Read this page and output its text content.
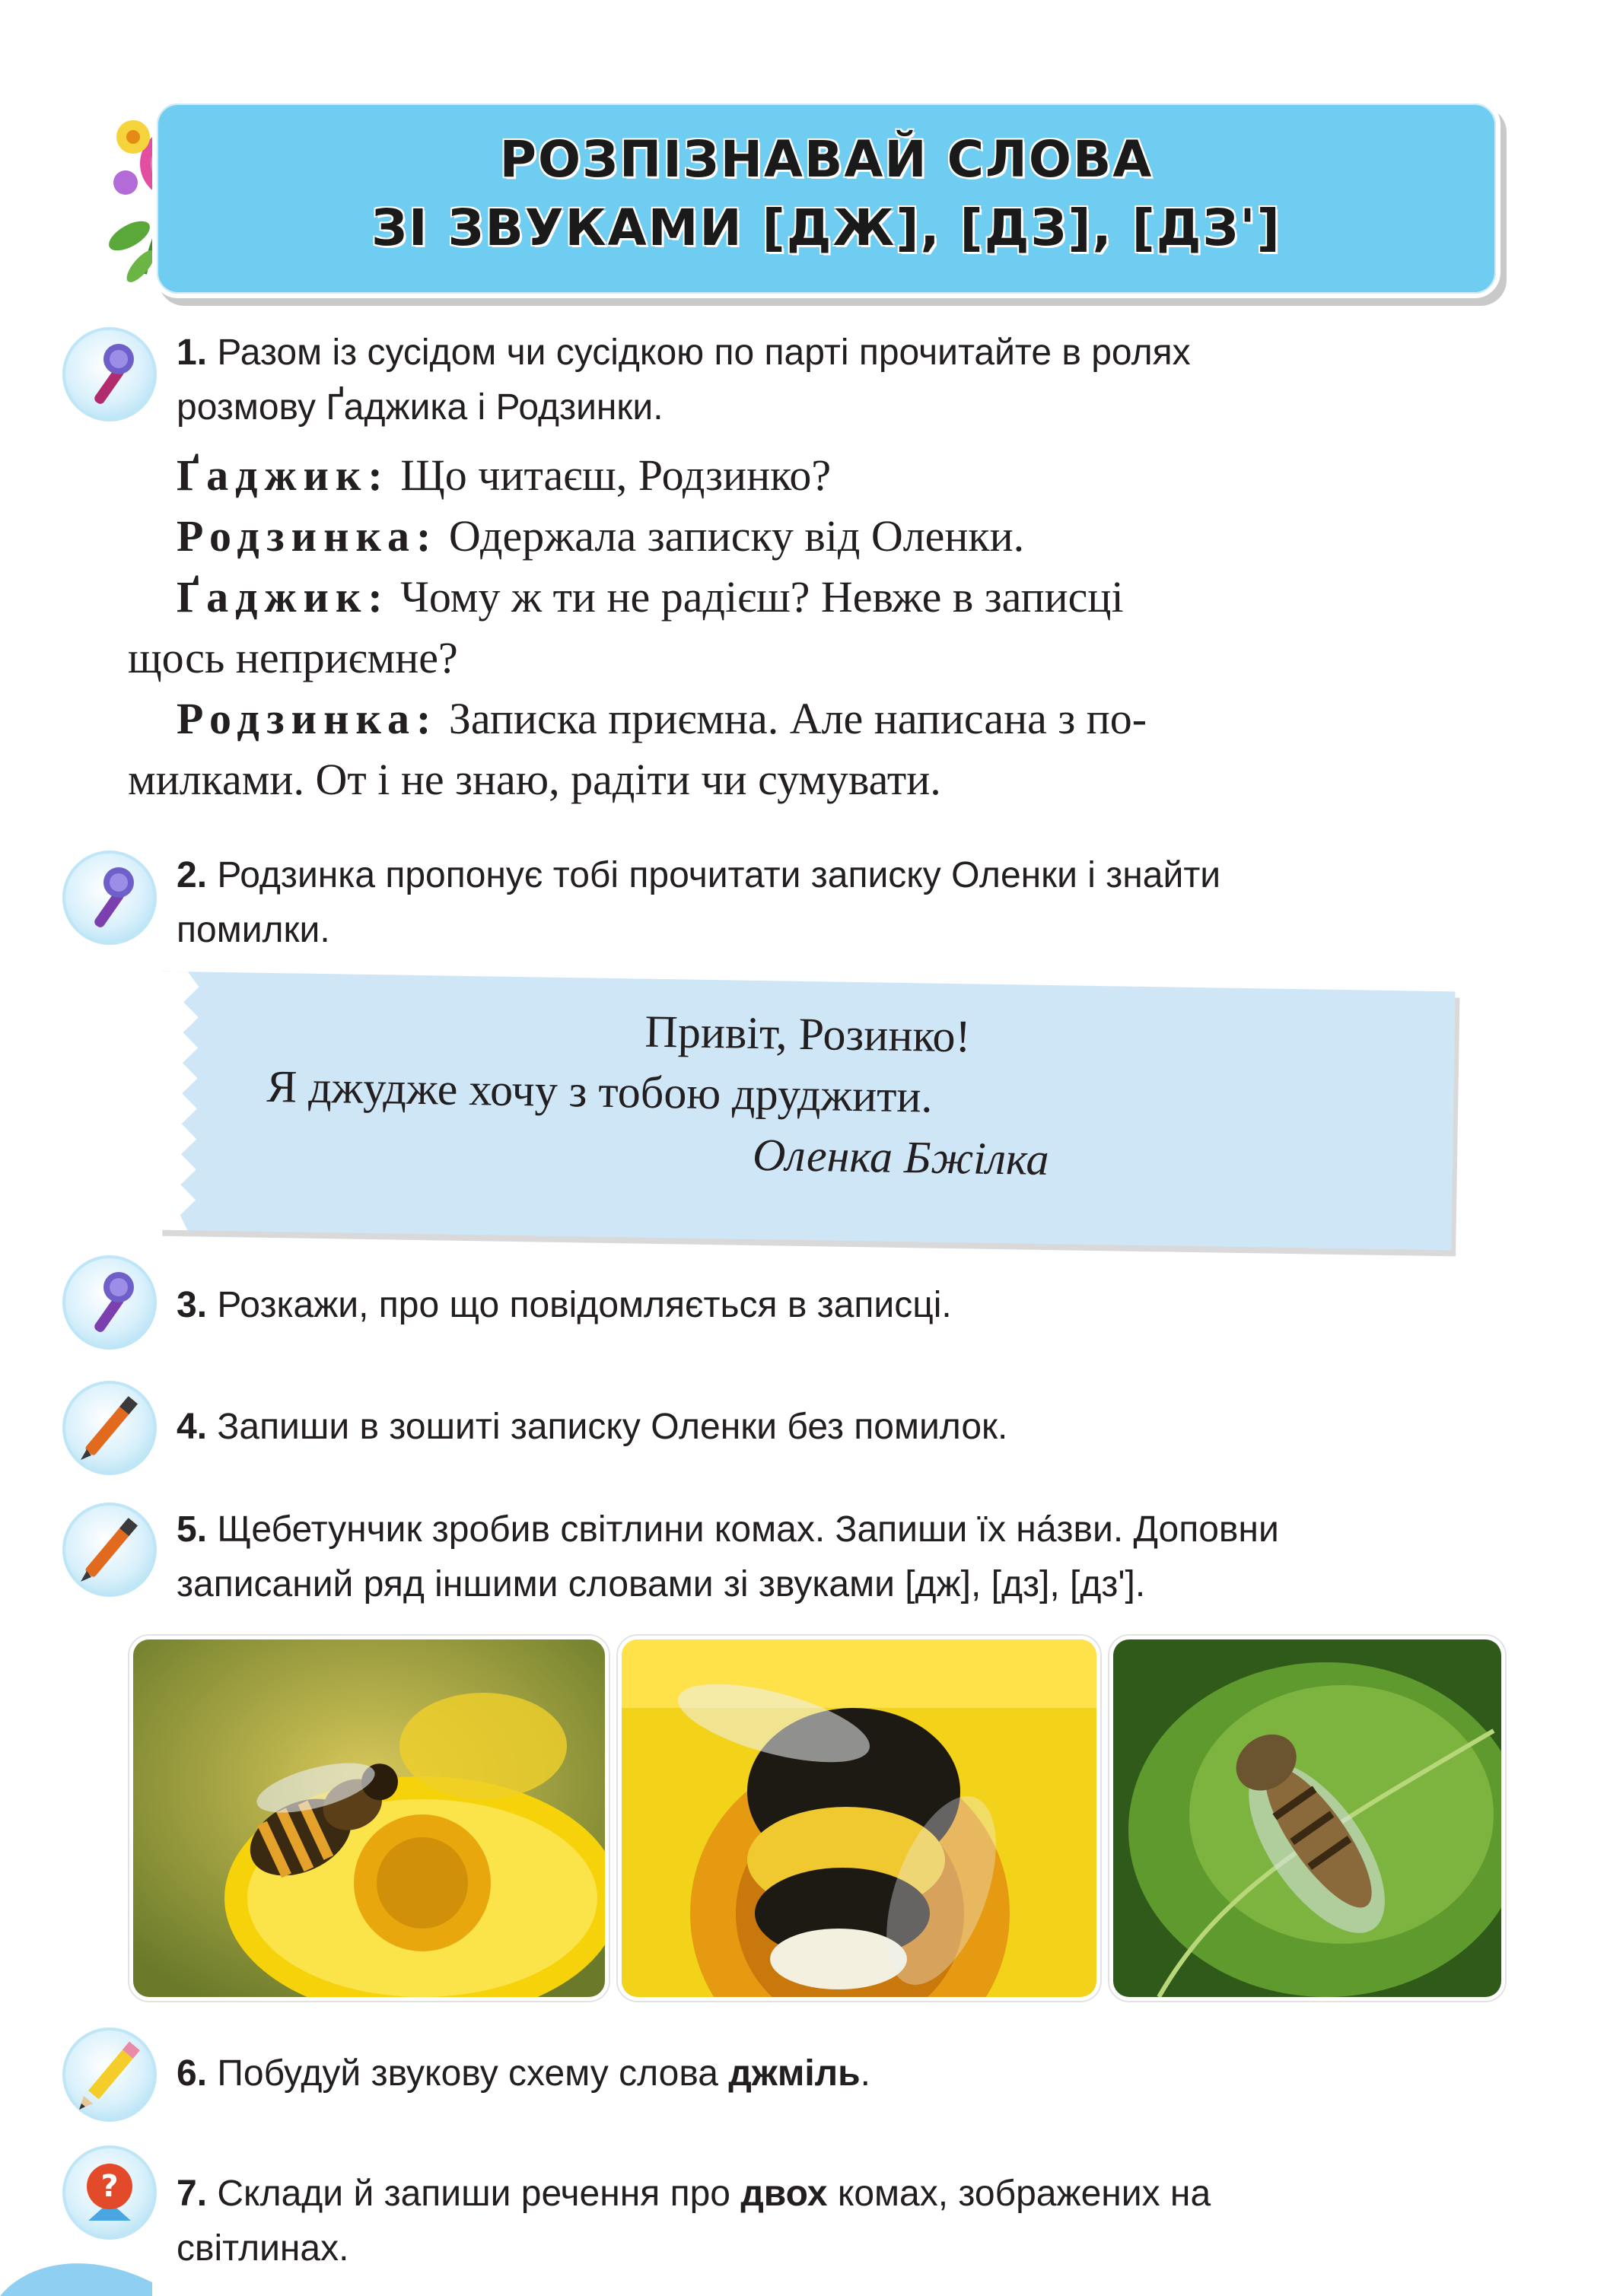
РОЗПІЗНАВАЙ СЛОВА
ЗІ ЗВУКАМИ [ДЖ], [ДЗ], [ДЗ']
1. Разом із сусідом чи сусідкою по парті прочитайте в ролях
розмову Ґаджика і Родзинки.
Ґаджик: Що читаєш, Родзинко?
Родзинка: Одержала записку від Оленки.
Ґаджик: Чому ж ти не радієш? Невже в записці
щось неприємне?
Родзинка: Записка приємна. Але написана з по-
милками. От і не знаю, радіти чи сумувати.
2. Родзинка пропонує тобі прочитати записку Оленки і знайти
помилки.
Привіт, Розинко!
Я джудже хочу з тобою друджити.
Оленка Бжілка
3. Розкажи, про що повідомляється в записці.
4. Запиши в зошиті записку Оленки без помилок.
5. Щебетунчик зробив світлини комах. Запиши їх на́зви. Доповни
записаний ряд іншими словами зі звуками [дж], [дз], [дз'].
6. Побудуй звукову схему слова джміль.
? 7. Склади й запиши речення про двох комах, зображених на
світлинах.
